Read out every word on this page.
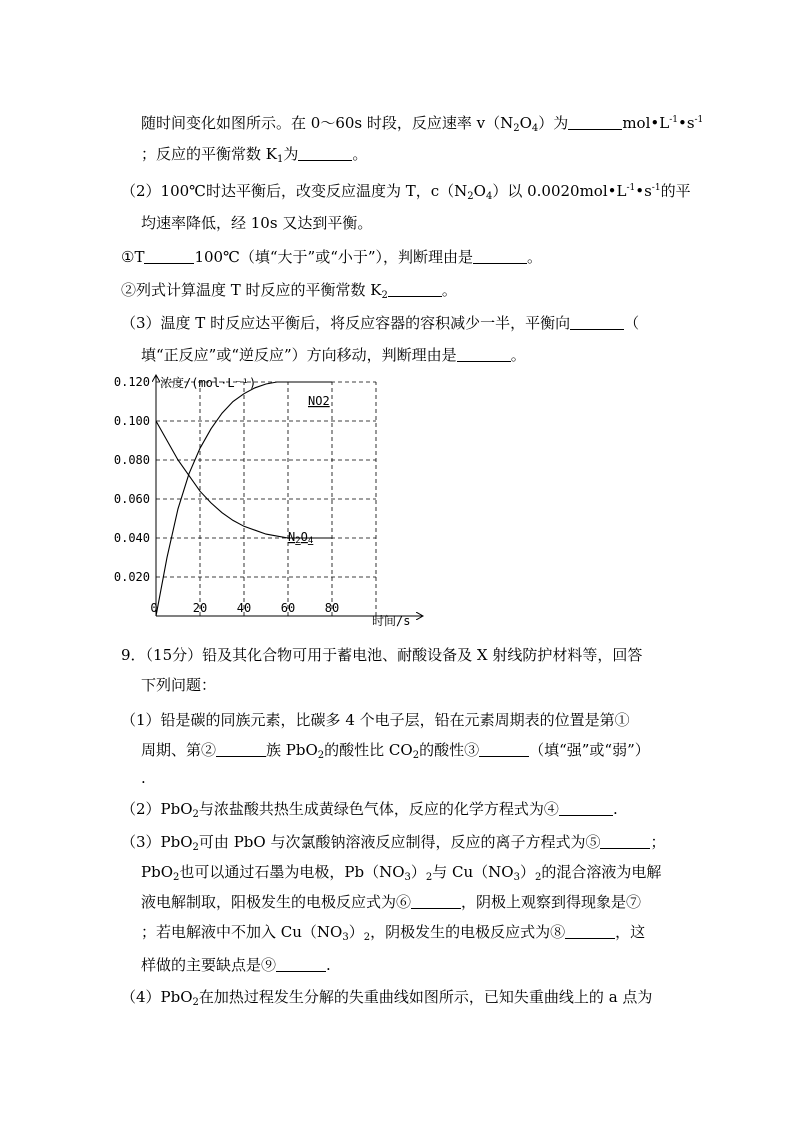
随时间变化如图所示。在 0～60s 时段，反应速率 $v(N_2O_4)$为	$mol•L^{-1}•s^{-1}$
；反应的平衡常数 $K_1$为	。
（2）100℃时达平衡后，改变反应温度为 T，$c(N_2O_4)$以 $0.0020mol•L^{-1}•s^{-1}$的平
均速率降低，经 10s 又达到平衡。
①T	100℃（填“大于”或“小于”），判断理由是	。
②列式计算温度 T 时反应的平衡常数 $K_2$	。
（3）温度 T 时反应达平衡后，将反应容器的容积减少一半，平衡向	（
填“正反应”或“逆反应”）方向移动，判断理由是	。
0.020
0.040
0.060
0.080
0.100
0.120
0	20 40 60 80
浓度/(mol·L⁻¹)
时间/s
NO2
N2O4
9．（15分）铅及其化合物可用于蓄电池、耐酸设备及 X 射线防护材料等，回答
下列问题：
（1）铅是碳的同族元素，比碳多 4 个电子层，铅在元素周期表的位置是第①
周期、第②	族 PbO$_2$的酸性比 $CO_2$的酸性③	（填“强”或“弱”）
.
（2）PbO$_2$与浓盐酸共热生成黄绿色气体，反应的化学方程式为④	.
（3）PbO$_2$可由 PbO 与次氯酸钠溶液反应制得，反应的离子方程式为⑤	；
PbO$_2$也可以通过石墨为电极，$Pb(NO_3)_2$与 $Cu(NO_3)_2$的混合溶液为电解
液电解制取，阳极发生的电极反应式为⑥	，阴极上观察到得现象是⑦
；若电解液中不加入 $Cu(NO_3)_2$，阴极发生的电极反应式为⑧	，这
样做的主要缺点是⑨	.
（4）PbO$_2$在加热过程发生分解的失重曲线如图所示，已知失重曲线上的 a 点为
